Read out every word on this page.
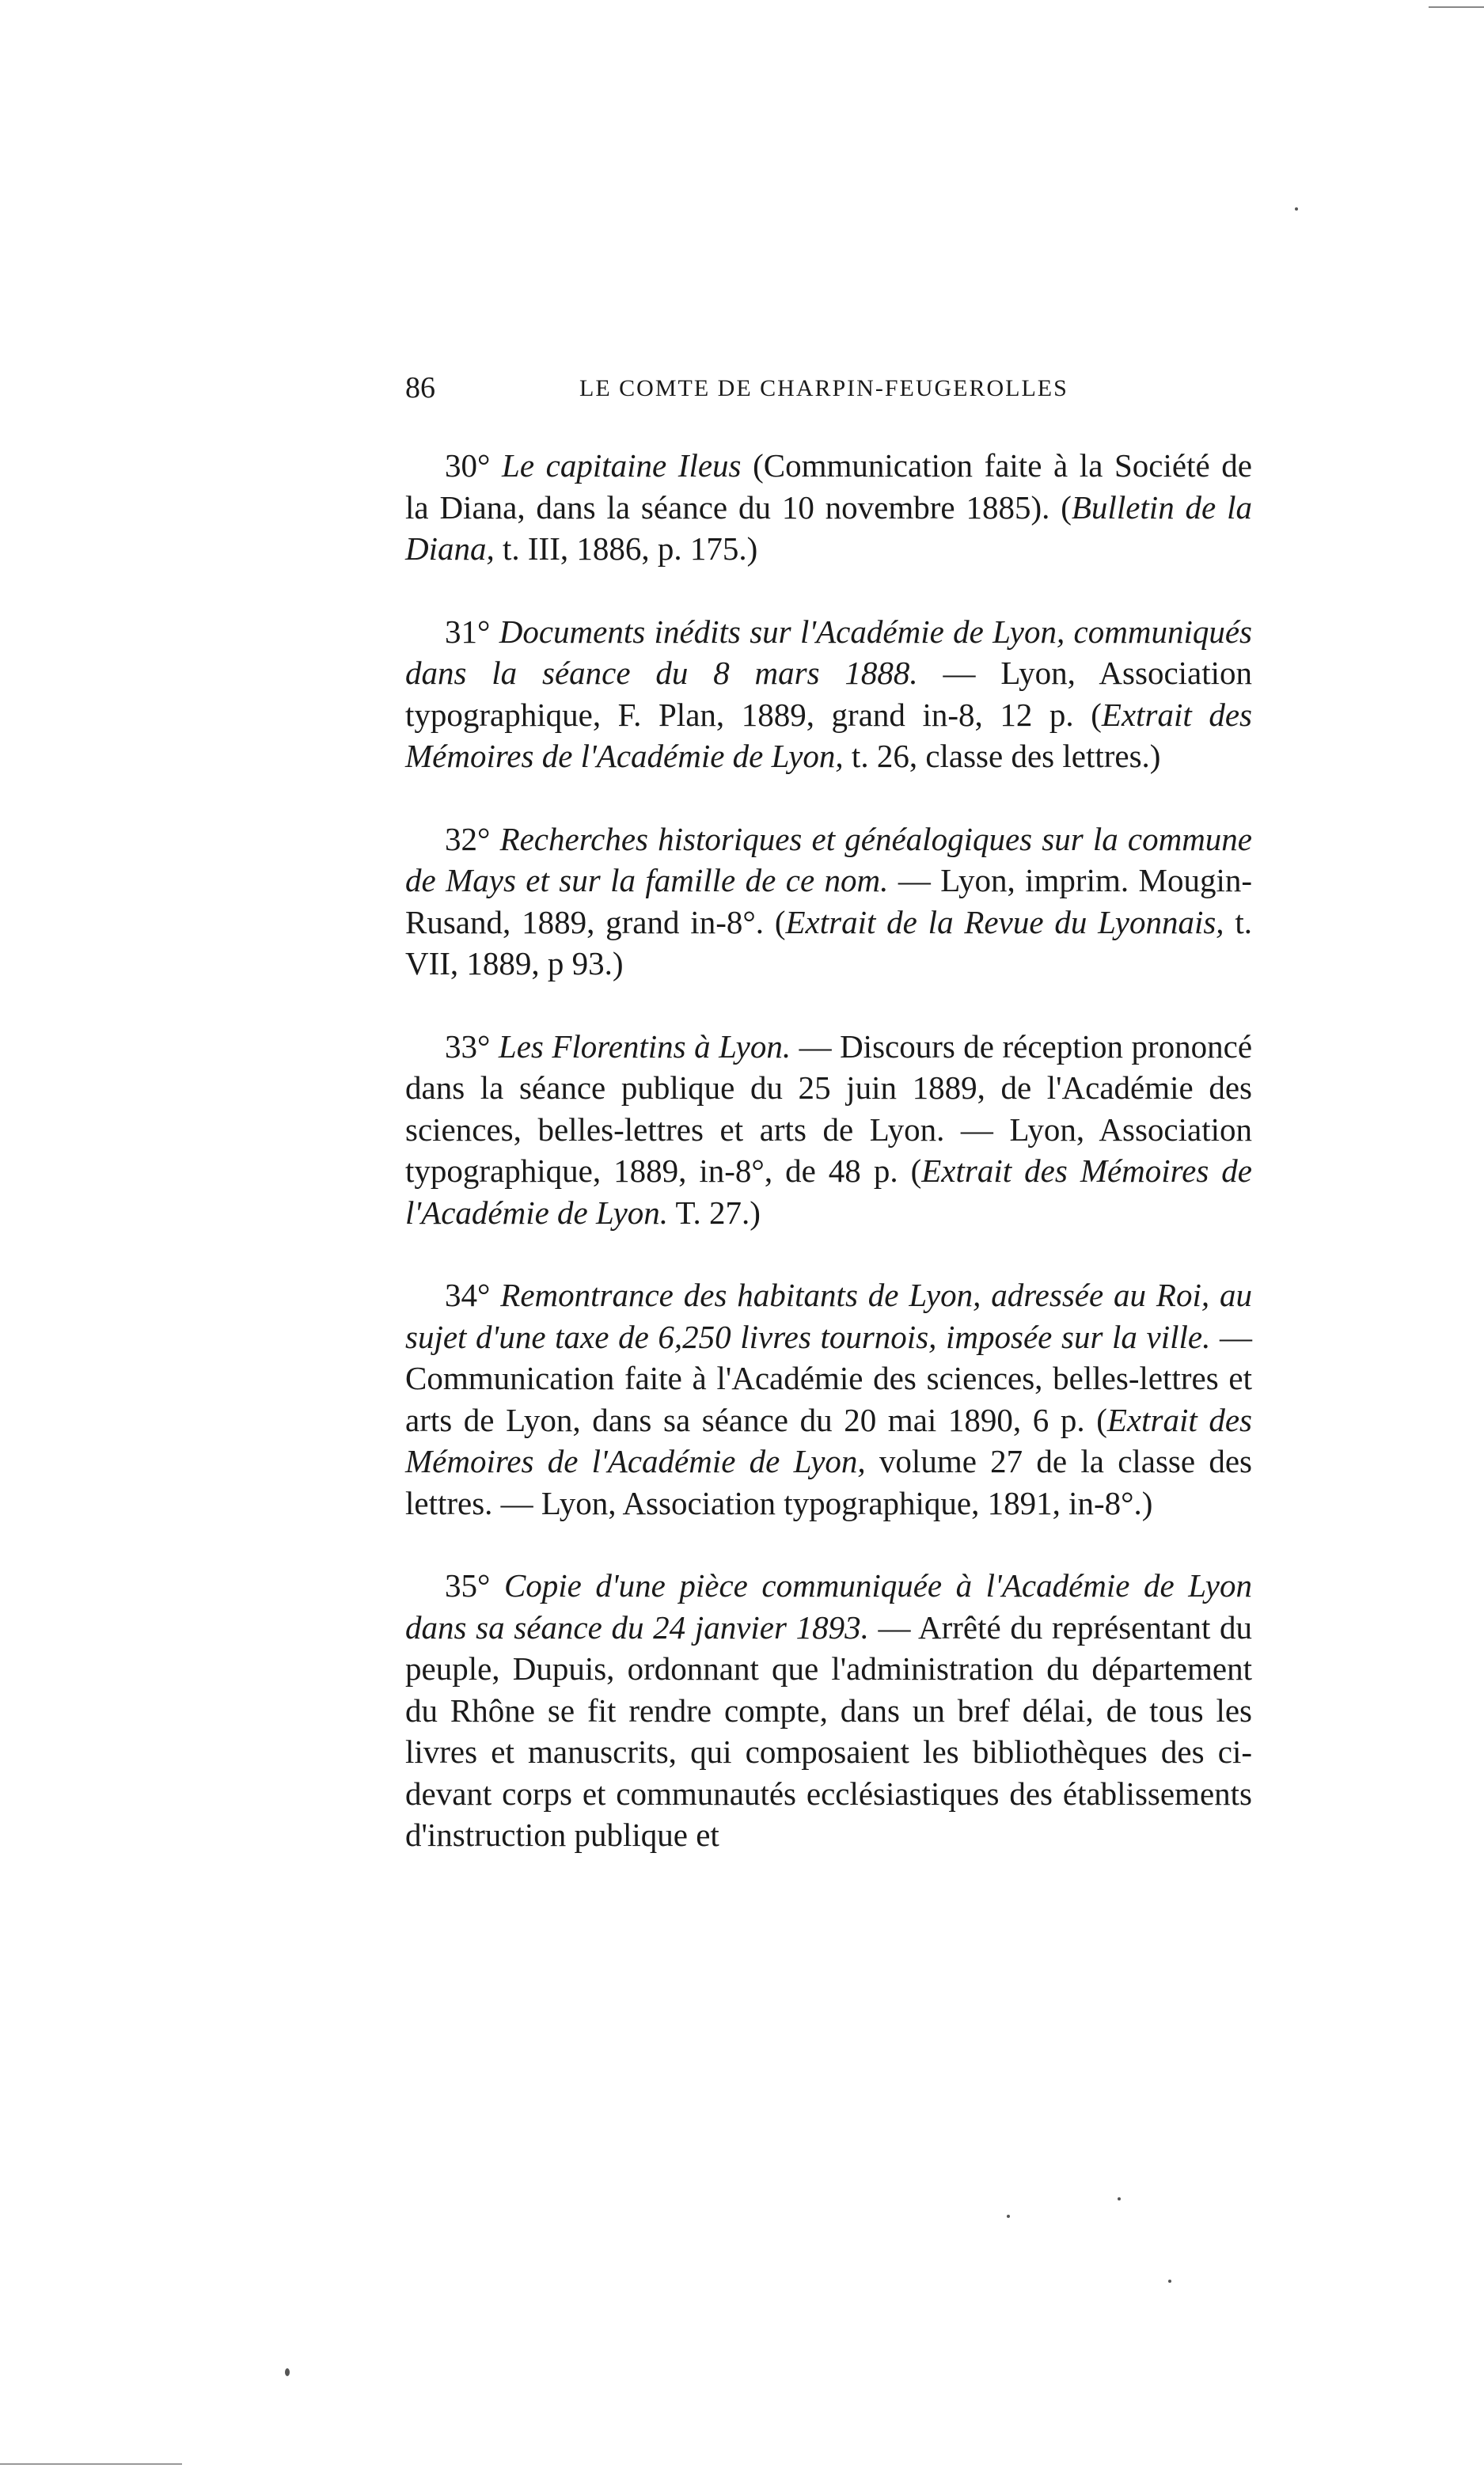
86	LE COMTE DE CHARPIN-FEUGEROLLES

30° Le capitaine Ileus (Communication faite à la Société de la Diana, dans la séance du 10 novembre 1885). (Bulletin de la Diana, t. III, 1886, p. 175.)

31° Documents inédits sur l'Académie de Lyon, communiqués dans la séance du 8 mars 1888. — Lyon, Association typographique, F. Plan, 1889, grand in-8, 12 p. (Extrait des Mémoires de l'Académie de Lyon, t. 26, classe des lettres.)

32° Recherches historiques et généalogiques sur la commune de Mays et sur la famille de ce nom. — Lyon, imprim. Mougin-Rusand, 1889, grand in-8°. (Extrait de la Revue du Lyonnais, t. VII, 1889, p 93.)

33° Les Florentins à Lyon. — Discours de réception prononcé dans la séance publique du 25 juin 1889, de l'Académie des sciences, belles-lettres et arts de Lyon. — Lyon, Association typographique, 1889, in-8°, de 48 p. (Extrait des Mémoires de l'Académie de Lyon. T. 27.)

34° Remontrance des habitants de Lyon, adressée au Roi, au sujet d'une taxe de 6,250 livres tournois, imposée sur la ville. — Communication faite à l'Académie des sciences, belles-lettres et arts de Lyon, dans sa séance du 20 mai 1890, 6 p. (Extrait des Mémoires de l'Académie de Lyon, volume 27 de la classe des lettres. — Lyon, Association typographique, 1891, in-8°.)

35° Copie d'une pièce communiquée à l'Académie de Lyon dans sa séance du 24 janvier 1893. — Arrêté du représentant du peuple, Dupuis, ordonnant que l'administration du département du Rhône se fit rendre compte, dans un bref délai, de tous les livres et manuscrits, qui composaient les bibliothèques des ci-devant corps et communautés ecclésiastiques des établissements d'instruction publique et
